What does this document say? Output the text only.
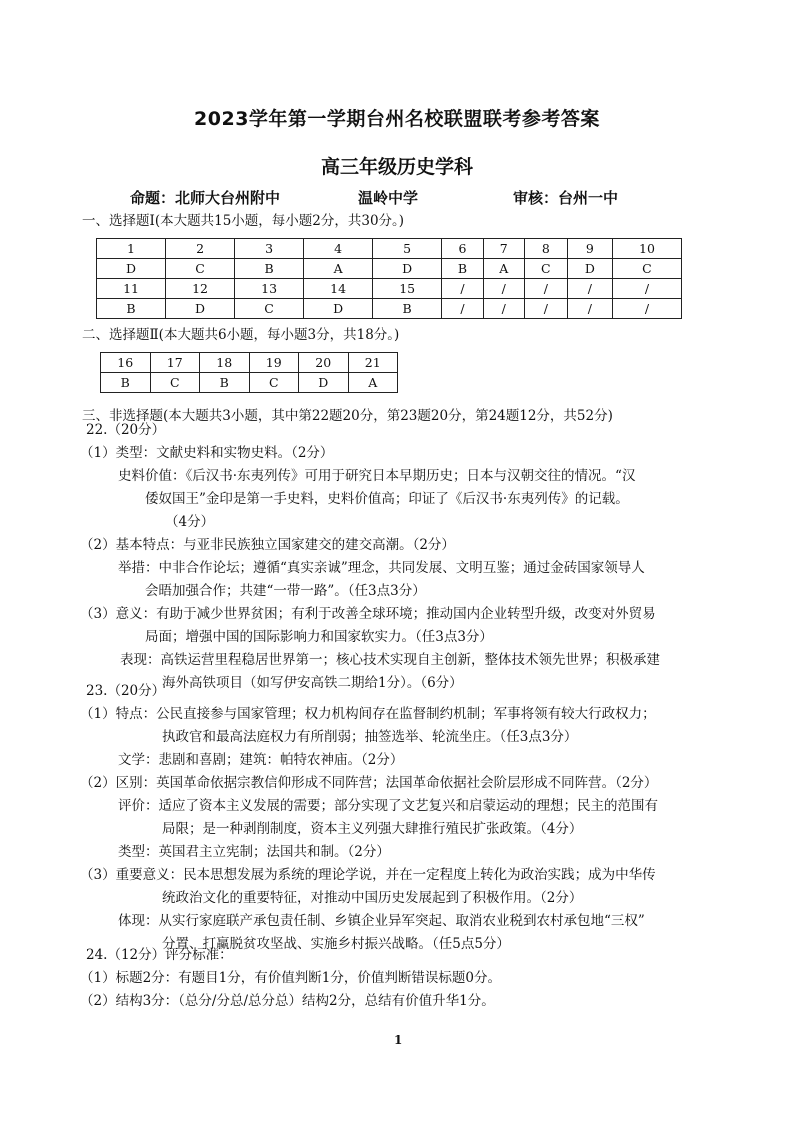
2023学年第一学期台州名校联盟联考参考答案
高三年级历史学科
命题：北师大台州附中	温岭中学	审核：台州一中
一、选择题Ⅰ(本大题共15小题，每小题2分，共30分。)
1	2	3	4	5	6	7	8	9	10
D	C	B	A	D	B	A	C	D	C
11	12	13	14	15	/	/	/	/	/
B	D	C	D	B	/	/	/	/	/
二、选择题Ⅱ(本大题共6小题，每小题3分，共18分。)
16	17	18	19	20	21
B	C	B	C	D	A
三、非选择题(本大题共3小题，其中第22题20分，第23题20分，第24题12分，共52分)
22.（20分）
（1）类型：文献史料和实物史料。（2分）
史料价值：《后汉书·东夷列传》可用于研究日本早期历史；日本与汉朝交往的情况。“汉
倭奴国王”金印是第一手史料，史料价值高；印证了《后汉书·东夷列传》的记载。
（4分）
（2）基本特点：与亚非民族独立国家建交的建交高潮。（2分）
举措：中非合作论坛；遵循“真实亲诚”理念，共同发展、文明互鉴；通过金砖国家领导人
会晤加强合作；共建“一带一路”。（任3点3分）
（3）意义：有助于减少世界贫困；有利于改善全球环境；推动国内企业转型升级，改变对外贸易
局面；增强中国的国际影响力和国家软实力。（任3点3分）
表现：高铁运营里程稳居世界第一；核心技术实现自主创新，整体技术领先世界；积极承建
海外高铁项目（如写伊安高铁二期给1分）。（6分）
23.（20分）
（1）特点：公民直接参与国家管理；权力机构间存在监督制约机制；军事将领有较大行政权力；
执政官和最高法庭权力有所削弱；抽签选举、轮流坐庄。（任3点3分）
文学：悲剧和喜剧；建筑：帕特农神庙。（2分）
（2）区别：英国革命依据宗教信仰形成不同阵营；法国革命依据社会阶层形成不同阵营。（2分）
评价：适应了资本主义发展的需要；部分实现了文艺复兴和启蒙运动的理想；民主的范围有
局限；是一种剥削制度，资本主义列强大肆推行殖民扩张政策。（4分）
类型：英国君主立宪制；法国共和制。（2分）
（3）重要意义：民本思想发展为系统的理论学说，并在一定程度上转化为政治实践；成为中华传
统政治文化的重要特征，对推动中国历史发展起到了积极作用。（2分）
体现：从实行家庭联产承包责任制、乡镇企业异军突起、取消农业税到农村承包地“三权”
分置、打赢脱贫攻坚战、实施乡村振兴战略。（任5点5分）
24.（12分）评分标准：
（1）标题2分：有题目1分，有价值判断1分，价值判断错误标题0分。
（2）结构3分：（总分/分总/总分总）结构2分，总结有价值升华1分。
1
